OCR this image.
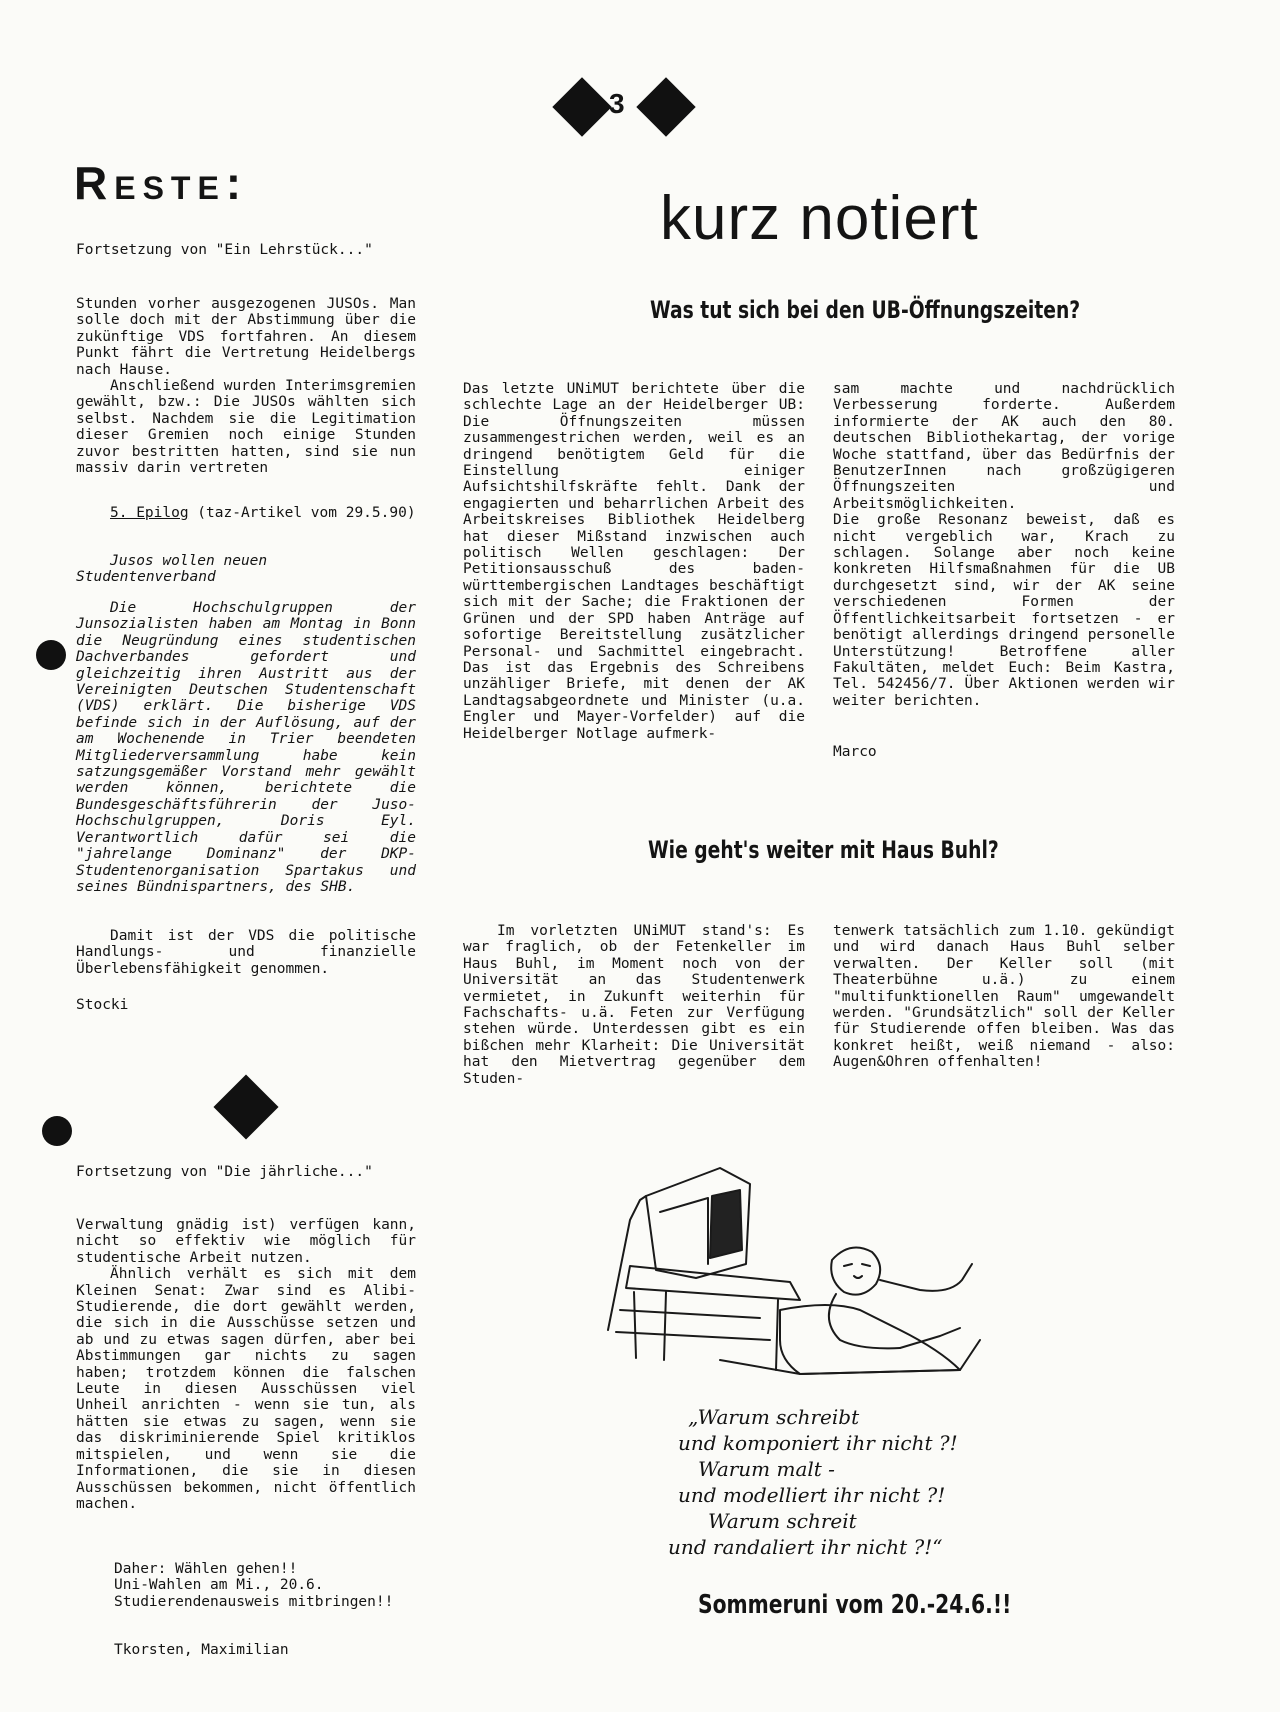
3
Reste:
Fortsetzung von "Ein Lehrstück..."

Stunden vorher ausgezogenen JUSOs. Man solle doch mit der Abstimmung über die zukünftige VDS fortfahren. An diesem Punkt fährt die Vertretung Heidelbergs nach Hause.

Anschließend wurden Interimsgremien gewählt, bzw.: Die JUSOs wählten sich selbst. Nachdem sie die Legitimation dieser Gremien noch einige Stunden zuvor bestritten hatten, sind sie nun massiv darin vertreten

5. Epilog (taz-Artikel vom 29.5.90)
Jusos wollen neuen Studentenverband
Die Hochschulgruppen der Junsozialisten haben am Montag in Bonn die Neugründung eines studentischen Dachverbandes gefordert und gleichzeitig ihren Austritt aus der Vereinigten Deutschen Studentenschaft (VDS) erklärt. Die bisherige VDS befinde sich in der Auflösung, auf der am Wochenende in Trier beendeten Mitgliederversammlung habe kein satzungsgemäßer Vorstand mehr gewählt werden können, berichtete die Bundesgeschäftsführerin der Juso-Hochschulgruppen, Doris Eyl. Verantwortlich dafür sei die "jahrelange Dominanz" der DKP-Studentenorganisation Spartakus und seines Bündnispartners, des SHB.
Damit ist der VDS die politische Handlungs- und finanzielle Überlebensfähigkeit genommen.
Stocki
Fortsetzung von "Die jährliche..."

Verwaltung gnädig ist) verfügen kann, nicht so effektiv wie möglich für studentische Arbeit nutzen.

Ähnlich verhält es sich mit dem Kleinen Senat: Zwar sind es Alibi-Studierende, die dort gewählt werden, die sich in die Ausschüsse setzen und ab und zu etwas sagen dürfen, aber bei Abstimmungen gar nichts zu sagen haben; trotzdem können die falschen Leute in diesen Ausschüssen viel Unheil anrichten - wenn sie tun, als hätten sie etwas zu sagen, wenn sie das diskriminierende Spiel kritiklos mitspielen, und wenn sie die Informationen, die sie in diesen Ausschüssen bekommen, nicht öffentlich machen.

Daher: Wählen gehen!!
Uni-Wahlen am Mi., 20.6.
Studierendenausweis mitbringen!!
Tkorsten, Maximilian
kurz notiert
Was tut sich bei den UB-Öffnungszeiten?
Das letzte UNiMUT berichtete über die schlechte Lage an der Heidelberger UB: Die Öffnungszeiten müssen zusammengestrichen werden, weil es an dringend benötigtem Geld für die Einstellung einiger Aufsichtshilfskräfte fehlt. Dank der engagierten und beharrlichen Arbeit des Arbeitskreises Bibliothek Heidelberg hat dieser Mißstand inzwischen auch politisch Wellen geschlagen: Der Petitionsausschuß des baden-württembergischen Landtages beschäftigt sich mit der Sache; die Fraktionen der Grünen und der SPD haben Anträge auf sofortige Bereitstellung zusätzlicher Personal- und Sachmittel eingebracht. Das ist das Ergebnis des Schreibens unzähliger Briefe, mit denen der AK Landtagsabgeordnete und Minister (u.a. Engler und Mayer-Vorfelder) auf die Heidelberger Notlage aufmerk-

sam machte und nachdrücklich Verbesserung forderte. Außerdem informierte der AK auch den 80. deutschen Bibliothekartag, der vorige Woche stattfand, über das Bedürfnis der BenutzerInnen nach großzügigeren Öffnungszeiten und Arbeitsmöglichkeiten.

Die große Resonanz beweist, daß es nicht vergeblich war, Krach zu schlagen. Solange aber noch keine konkreten Hilfsmaßnahmen für die UB durchgesetzt sind, wir der AK seine verschiedenen Formen der Öffentlichkeitsarbeit fortsetzen - er benötigt allerdings dringend personelle Unterstützung! Betroffene aller Fakultäten, meldet Euch: Beim Kastra, Tel. 542456/7. Über Aktionen werden wir weiter berichten.

Marco
Wie geht's weiter mit Haus Buhl?
Im vorletzten UNiMUT stand's: Es war fraglich, ob der Fetenkeller im Haus Buhl, im Moment noch von der Universität an das Studentenwerk vermietet, in Zukunft weiterhin für Fachschafts- u.ä. Feten zur Verfügung stehen würde. Unterdessen gibt es ein bißchen mehr Klarheit: Die Universität hat den Mietvertrag gegenüber dem Studen-
tenwerk tatsächlich zum 1.10. gekündigt und wird danach Haus Buhl selber verwalten. Der Keller soll (mit Theaterbühne u.ä.) zu einem "multifunktionellen Raum" umgewandelt werden. "Grundsätzlich" soll der Keller für Studierende offen bleiben. Was das konkret heißt, weiß niemand - also: Augen&Ohren offenhalten!
„Warum schreibt
und komponiert ihr nicht ?!
Warum malt -
und modelliert ihr nicht ?!
Warum schreit
und randaliert ihr nicht ?!“
Sommeruni vom 20.-24.6.!!
